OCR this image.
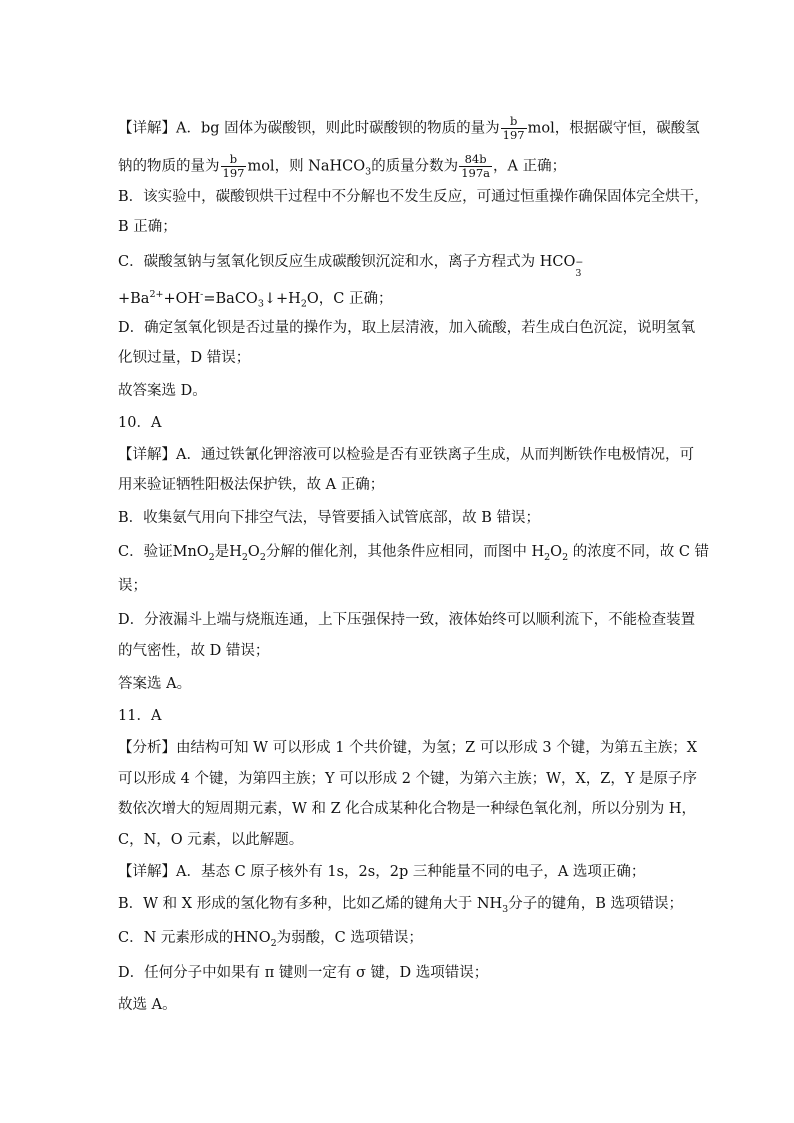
【详解】A．bg 固体为碳酸钡，则此时碳酸钡的物质的量为 $\frac{b}{197}$ mol，根据碳守恒，碳酸氢
钠的物质的量为 $\frac{b}{197}$ mol，则 NaHCO$_3$的质量分数为 $\frac{84b}{197a}$ ，A 正确；
B．该实验中，碳酸钡烘干过程中不分解也不发生反应，可通过恒重操作确保固体完全烘干，
B 正确；
C．碳酸氢钠与氢氧化钡反应生成碳酸钡沉淀和水，离子方程式为 HCO −
3
$+Ba^{2+}+OH^-=BaCO_3↓+H_2O$，C 正确；
D．确定氢氧化钡是否过量的操作为，取上层清液，加入硫酸，若生成白色沉淀，说明氢氧
化钡过量，D 错误；
故答案选 D。
10．A
【详解】A．通过铁氰化钾溶液可以检验是否有亚铁离子生成，从而判断铁作电极情况，可
用来验证牺牲阳极法保护铁，故 A 正确；
B．收集氨气用向下排空气法，导管要插入试管底部，故 B 错误；
C．验证MnO$_2$是$H_2O_2$分解的催化剂，其他条件应相同，而图中 $H_2O_2$ 的浓度不同，故 C 错
误；
D．分液漏斗上端与烧瓶连通，上下压强保持一致，液体始终可以顺利流下，不能检查装置
的气密性，故 D 错误；
答案选 A。
11．A
【分析】由结构可知 W 可以形成 1 个共价键，为氢；Z 可以形成 3 个键，为第五主族；X
可以形成 4 个键，为第四主族；Y 可以形成 2 个键，为第六主族；W，X，Z，Y 是原子序
数依次增大的短周期元素，W 和 Z 化合成某种化合物是一种绿色氧化剂，所以分别为 H，
C，N，O 元素，以此解题。
【详解】A．基态 C 原子核外有 1s，2s，2p 三种能量不同的电子，A 选项正确；
B．W 和 X 形成的氢化物有多种，比如乙烯的键角大于 $NH_3$分子的键角，B 选项错误；
C．N 元素形成的$HNO_2$为弱酸，C 选项错误；
D．任何分子中如果有 π 键则一定有 σ 键，D 选项错误；
故选 A。
